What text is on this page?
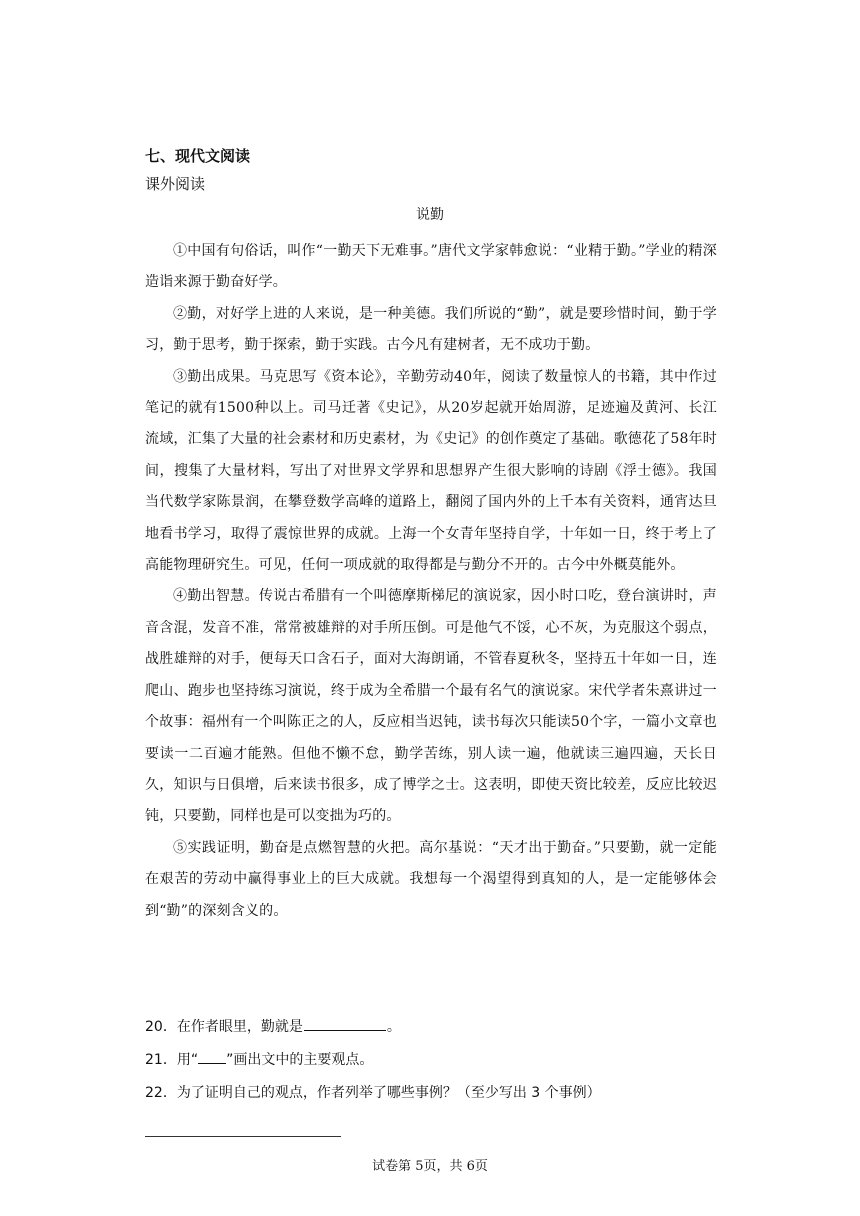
七、现代文阅读
课外阅读
说勤

①中国有句俗话，叫作“一勤天下无难事。”唐代文学家韩愈说：“业精于勤。”学业的精深造诣来源于勤奋好学。

②勤，对好学上进的人来说，是一种美德。我们所说的“勤”，就是要珍惜时间，勤于学习，勤于思考，勤于探索，勤于实践。古今凡有建树者，无不成功于勤。

③勤出成果。马克思写《资本论》，辛勤劳动40年，阅读了数量惊人的书籍，其中作过笔记的就有1500种以上。司马迁著《史记》，从20岁起就开始周游，足迹遍及黄河、长江流域，汇集了大量的社会素材和历史素材，为《史记》的创作奠定了基础。歌德花了58年时间，搜集了大量材料，写出了对世界文学界和思想界产生很大影响的诗剧《浮士德》。我国当代数学家陈景润，在攀登数学高峰的道路上，翻阅了国内外的上千本有关资料，通宵达旦地看书学习，取得了震惊世界的成就。上海一个女青年坚持自学，十年如一日，终于考上了高能物理研究生。可见，任何一项成就的取得都是与勤分不开的。古今中外概莫能外。

④勤出智慧。传说古希腊有一个叫德摩斯梯尼的演说家，因小时口吃，登台演讲时，声音含混，发音不准，常常被雄辩的对手所压倒。可是他气不馁，心不灰，为克服这个弱点，战胜雄辩的对手，便每天口含石子，面对大海朗诵，不管春夏秋冬，坚持五十年如一日，连爬山、跑步也坚持练习演说，终于成为全希腊一个最有名气的演说家。宋代学者朱熹讲过一个故事：福州有一个叫陈正之的人，反应相当迟钝，读书每次只能读50个字，一篇小文章也要读一二百遍才能熟。但他不懒不怠，勤学苦练，别人读一遍，他就读三遍四遍，天长日久，知识与日俱增，后来读书很多，成了博学之士。这表明，即使天资比较差，反应比较迟钝，只要勤，同样也是可以变拙为巧的。

⑤实践证明，勤奋是点燃智慧的火把。高尔基说：“天才出于勤奋。”只要勤，就一定能在艰苦的劳动中赢得事业上的巨大成就。我想每一个渴望得到真知的人，是一定能够体会到“勤”的深刻含义的。

20．在作者眼里，勤就是	。
21．用“ ”画出文中的主要观点。
22．为了证明自己的观点，作者列举了哪些事例？（至少写出 3 个事例）
试卷第 5页，共 6页
